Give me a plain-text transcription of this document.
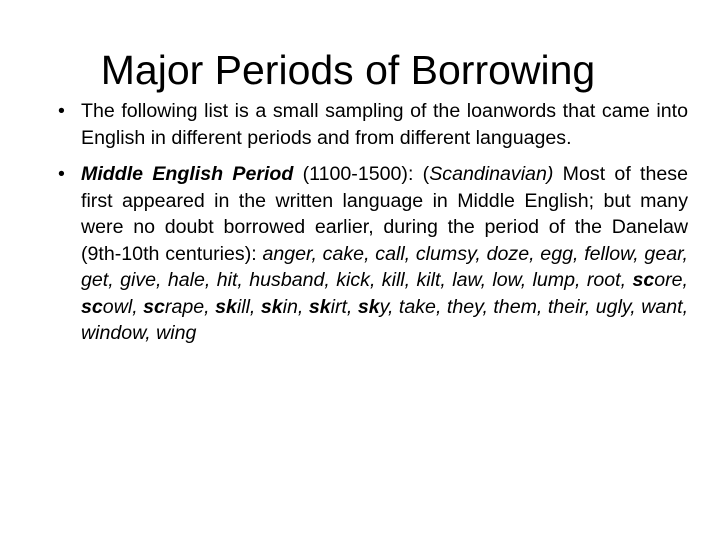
Major Periods of Borrowing
• The following list is a small sampling of the loanwords that came into English in different periods and from different languages.
• Middle English Period (1100-1500): (Scandinavian) Most of these first appeared in the written language in Middle English; but many were no doubt borrowed earlier, during the period of the Danelaw (9th-10th centuries): anger, cake, call, clumsy, doze, egg, fellow, gear, get, give, hale, hit, husband, kick, kill, kilt, law, low, lump, root, score, scowl, scrape, skill, skin, skirt, sky, take, they, them, their, ugly, want, window, wing
